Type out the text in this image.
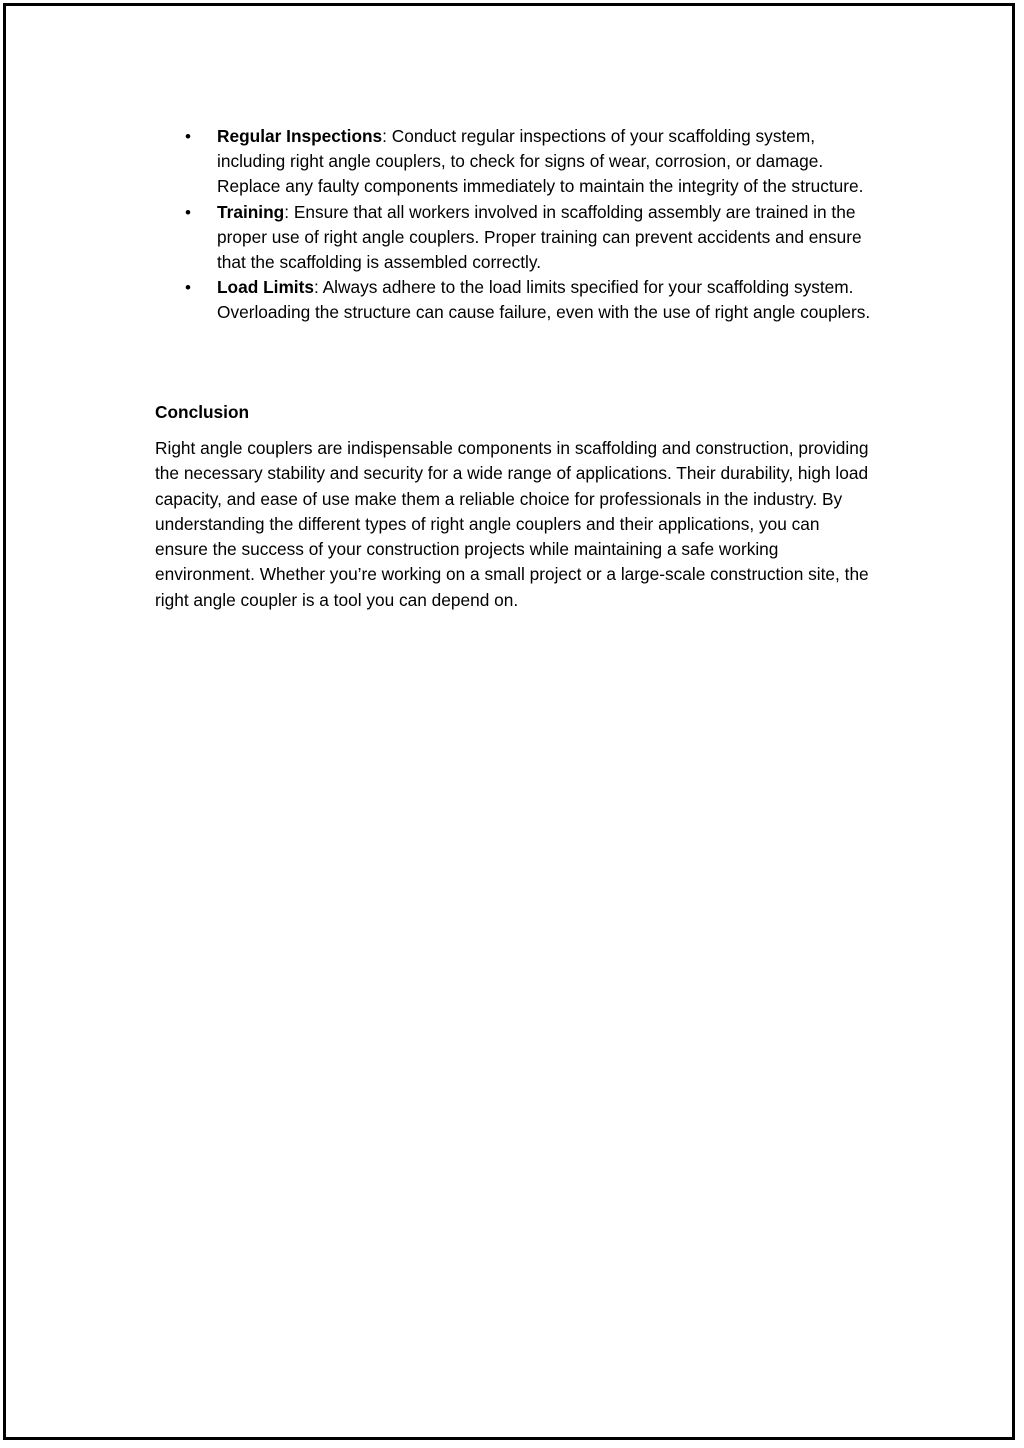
• Regular Inspections: Conduct regular inspections of your scaffolding system, including right angle couplers, to check for signs of wear, corrosion, or damage. Replace any faulty components immediately to maintain the integrity of the structure.
• Training: Ensure that all workers involved in scaffolding assembly are trained in the proper use of right angle couplers. Proper training can prevent accidents and ensure that the scaffolding is assembled correctly.
• Load Limits: Always adhere to the load limits specified for your scaffolding system. Overloading the structure can cause failure, even with the use of right angle couplers.
Conclusion

Right angle couplers are indispensable components in scaffolding and construction, providing the necessary stability and security for a wide range of applications. Their durability, high load capacity, and ease of use make them a reliable choice for professionals in the industry. By understanding the different types of right angle couplers and their applications, you can ensure the success of your construction projects while maintaining a safe working environment. Whether you’re working on a small project or a large-scale construction site, the right angle coupler is a tool you can depend on.
